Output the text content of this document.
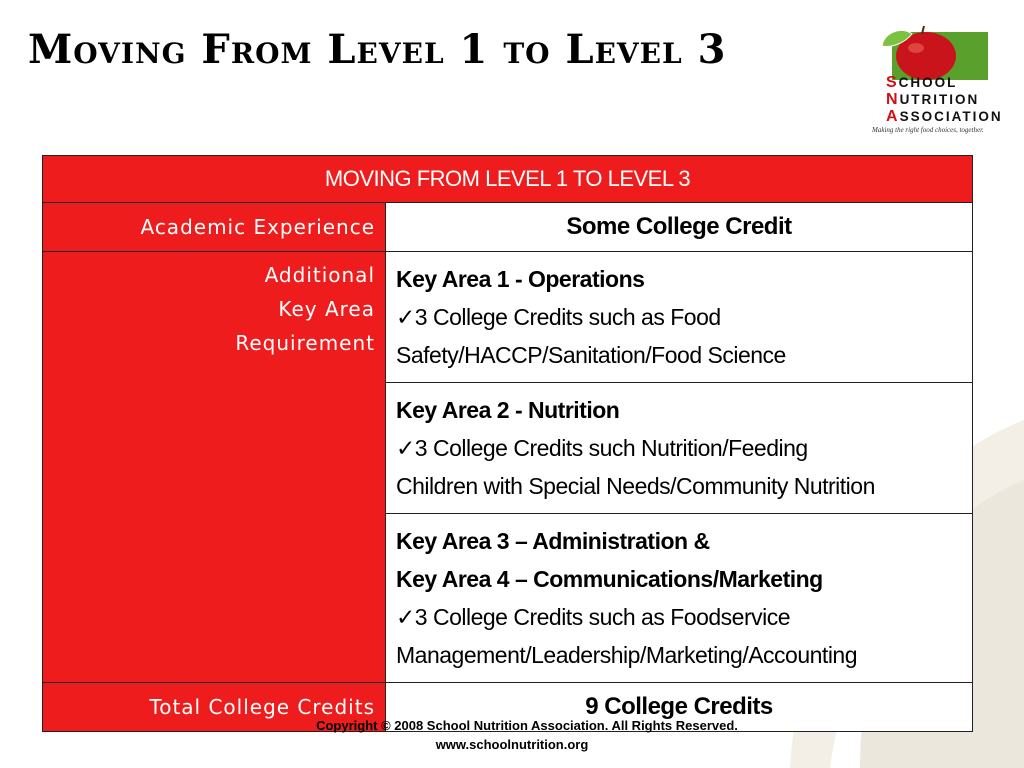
Moving From Level 1 to Level 3
SCHOOL
NUTRITION
ASSOCIATION
Making the right food choices, together.
MOVING FROM LEVEL 1 TO LEVEL 3	
Academic Experience	Some College Credit

Additional
Key Area
Requirement	Key Area 1 - Operations
✓3 College Credits such as Food
Safety/HACCP/Sanitation/Food Science

	Key Area 2 - Nutrition
✓3 College Credits such Nutrition/Feeding
Children with Special Needs/Community Nutrition

	Key Area 3 – Administration &
Key Area 4 – Communications/Marketing
✓3 College Credits such as Foodservice
Management/Leadership/Marketing/Accounting

Total College Credits	9 College Credits
Copyright © 2008 School Nutrition Association. All Rights Reserved.
www.schoolnutrition.org
